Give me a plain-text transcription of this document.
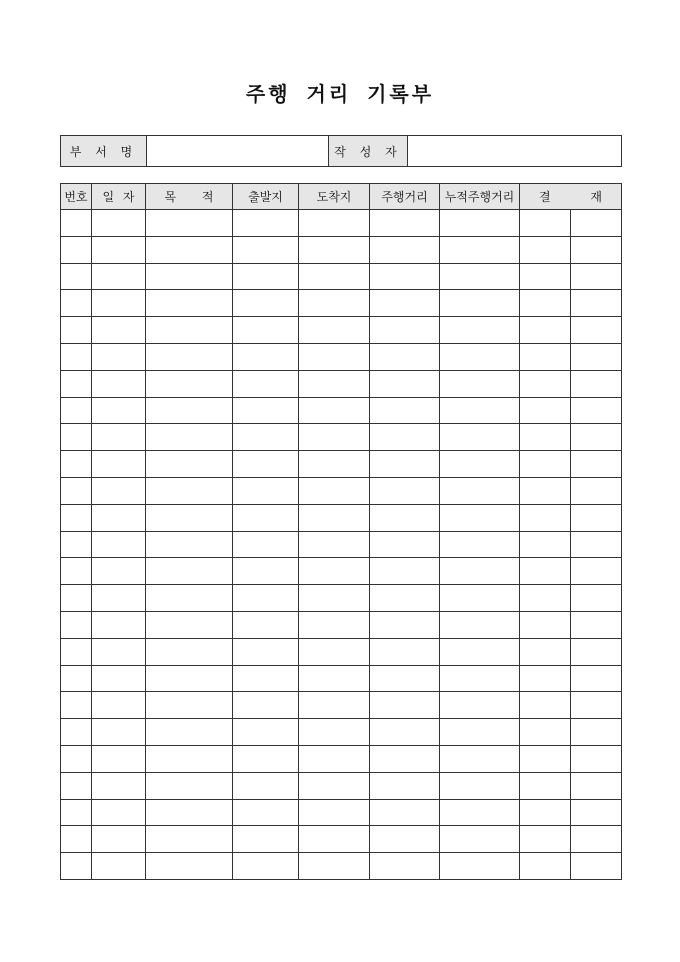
주행 거리 기록부
부 서 명		작 성 자	
번호	일 자	목 적	출발지	도착지	주행거리	누적주행거리	결 재	
